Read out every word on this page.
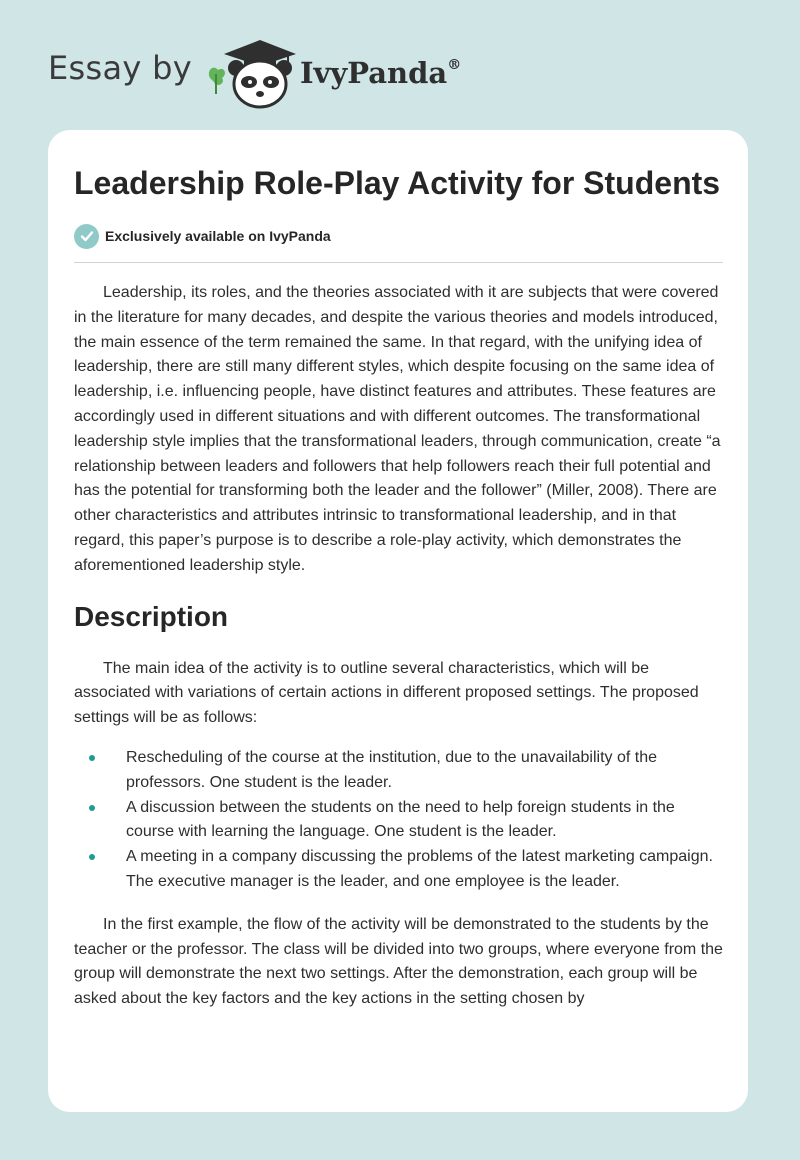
Essay by	IvyPanda®
Leadership Role-Play Activity for Students
Exclusively available on IvyPanda

Leadership, its roles, and the theories associated with it are subjects that were covered in the literature for many decades, and despite the various theories and models introduced, the main essence of the term remained the same. In that regard, with the unifying idea of leadership, there are still many different styles, which despite focusing on the same idea of leadership, i.e. influencing people, have distinct features and attributes. These features are accordingly used in different situations and with different outcomes. The transformational leadership style implies that the transformational leaders, through communication, create “a relationship between leaders and followers that help followers reach their full potential and has the potential for transforming both the leader and the follower” (Miller, 2008). There are other characteristics and attributes intrinsic to transformational leadership, and in that regard, this paper’s purpose is to describe a role-play activity, which demonstrates the aforementioned leadership style.

Description

The main idea of the activity is to outline several characteristics, which will be associated with variations of certain actions in different proposed settings. The proposed settings will be as follows:

Rescheduling of the course at the institution, due to the unavailability of the professors. One student is the leader.
A discussion between the students on the need to help foreign students in the course with learning the language. One student is the leader.
A meeting in a company discussing the problems of the latest marketing campaign. The executive manager is the leader, and one employee is the leader.

In the first example, the flow of the activity will be demonstrated to the students by the teacher or the professor. The class will be divided into two groups, where everyone from the group will demonstrate the next two settings. After the demonstration, each group will be asked about the key factors and the key actions in the setting chosen by
